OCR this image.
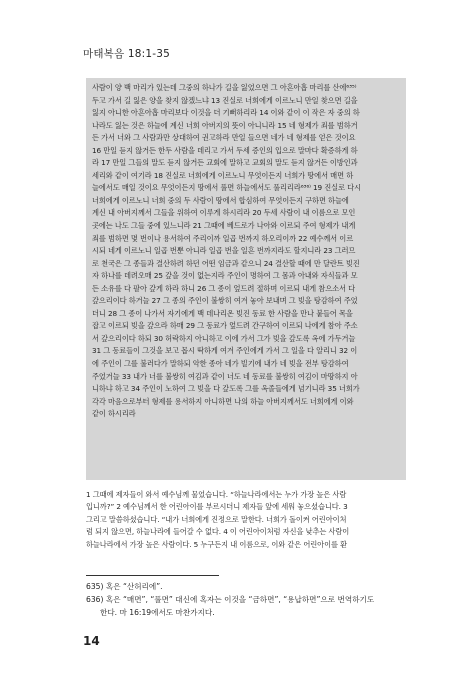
마태복음 18:1-35

사람이 양 백 마리가 있는데 그중의 하나가 길을 잃었으면 그 아흔아홉 마리를 산에⁶³⁵⁾

두고 가서 길 잃은 양을 찾지 않겠느냐 13 진실로 너희에게 이르노니 만일 찾으면 길을

잃지 아니한 아흔아홉 마리보다 이것을 더 기뻐하리라 14 이와 같이 이 작은 자 중의 하

나라도 잃는 것은 하늘에 계신 너희 아버지의 뜻이 아니니라 15 네 형제가 죄를 범하거

든 가서 너와 그 사람과만 상대하여 권고하라 만일 들으면 네가 네 형제를 얻은 것이요

16 만일 듣지 않거든 한두 사람을 데리고 가서 두세 증인의 입으로 말마다 확증하게 하

라 17 만일 그들의 말도 듣지 않거든 교회에 말하고 교회의 말도 듣지 않거든 이방인과

세리와 같이 여기라 18 진실로 너희에게 이르노니 무엇이든지 너희가 땅에서 매면 하

늘에서도 매일 것이요 무엇이든지 땅에서 풀면 하늘에서도 풀리리라⁶³⁶⁾ 19 진실로 다시

너희에게 이르노니 너희 중의 두 사람이 땅에서 합심하여 무엇이든지 구하면 하늘에

계신 내 아버지께서 그들을 위하여 이루게 하시리라 20 두세 사람이 내 이름으로 모인

곳에는 나도 그들 중에 있느니라 21 그때에 베드로가 나아와 이르되 주여 형제가 내게

죄를 범하면 몇 번이나 용서하여 주리이까 일곱 번까지 하오리이까 22 예수께서 이르

시되 네게 이르노니 일곱 번뿐 아니라 일곱 번을 일흔 번까지라도 할지니라 23 그러므

로 천국은 그 종들과 결산하려 하던 어떤 임금과 같으니 24 결산할 때에 만 달란트 빚진

자 하나를 데려오매 25 갚을 것이 없는지라 주인이 명하여 그 몸과 아내와 자식들과 모

든 소유를 다 팔아 갚게 하라 하니 26 그 종이 엎드려 절하며 이르되 내게 참으소서 다

갚으리이다 하거늘 27 그 종의 주인이 불쌍히 여겨 놓아 보내며 그 빚을 탕감하여 주었

더니 28 그 종이 나가서 자기에게 백 데나리온 빚진 동료 한 사람을 만나 붙들어 목을

잡고 이르되 빚을 갚으라 하매 29 그 동료가 엎드려 간구하여 이르되 나에게 참아 주소

서 갚으리이다 하되 30 허락하지 아니하고 이에 가서 그가 빚을 갚도록 옥에 가두거늘

31 그 동료들이 그것을 보고 몹시 딱하게 여겨 주인에게 가서 그 일을 다 알리니 32 이

에 주인이 그를 불러다가 말하되 악한 종아 네가 빌기에 내가 네 빚을 전부 탕감하여

주었거늘 33 내가 너를 불쌍히 여김과 같이 너도 네 동료를 불쌍히 여김이 마땅하지 아

니하냐 하고 34 주인이 노하여 그 빚을 다 갚도록 그를 옥졸들에게 넘기니라 35 너희가

각각 마음으로부터 형제를 용서하지 아니하면 나의 하늘 아버지께서도 너희에게 이와

같이 하시리라

1 그때에 제자들이 와서 예수님께 물었습니다. “하늘나라에서는 누가 가장 높은 사람

입니까?” 2 예수님께서 한 어린아이를 부르시더니 제자들 앞에 세워 놓으셨습니다. 3

그리고 말씀하셨습니다. “내가 너희에게 진정으로 말한다. 너희가 돌이켜 어린아이처

럼 되지 않으면, 하늘나라에 들어갈 수 없다. 4 이 어린아이처럼 자신을 낮추는 사람이

하늘나라에서 가장 높은 사람이다. 5 누구든지 내 이름으로, 이와 같은 어린아이를 환

635) 혹은 “산허리에”.

636) 혹은 “매면”, “풀면” 대신에 혹자는 이것을 “금하면”, “용납하면”으로 번역하기도

한다. 마 16:19에서도 마찬가지다.

14
